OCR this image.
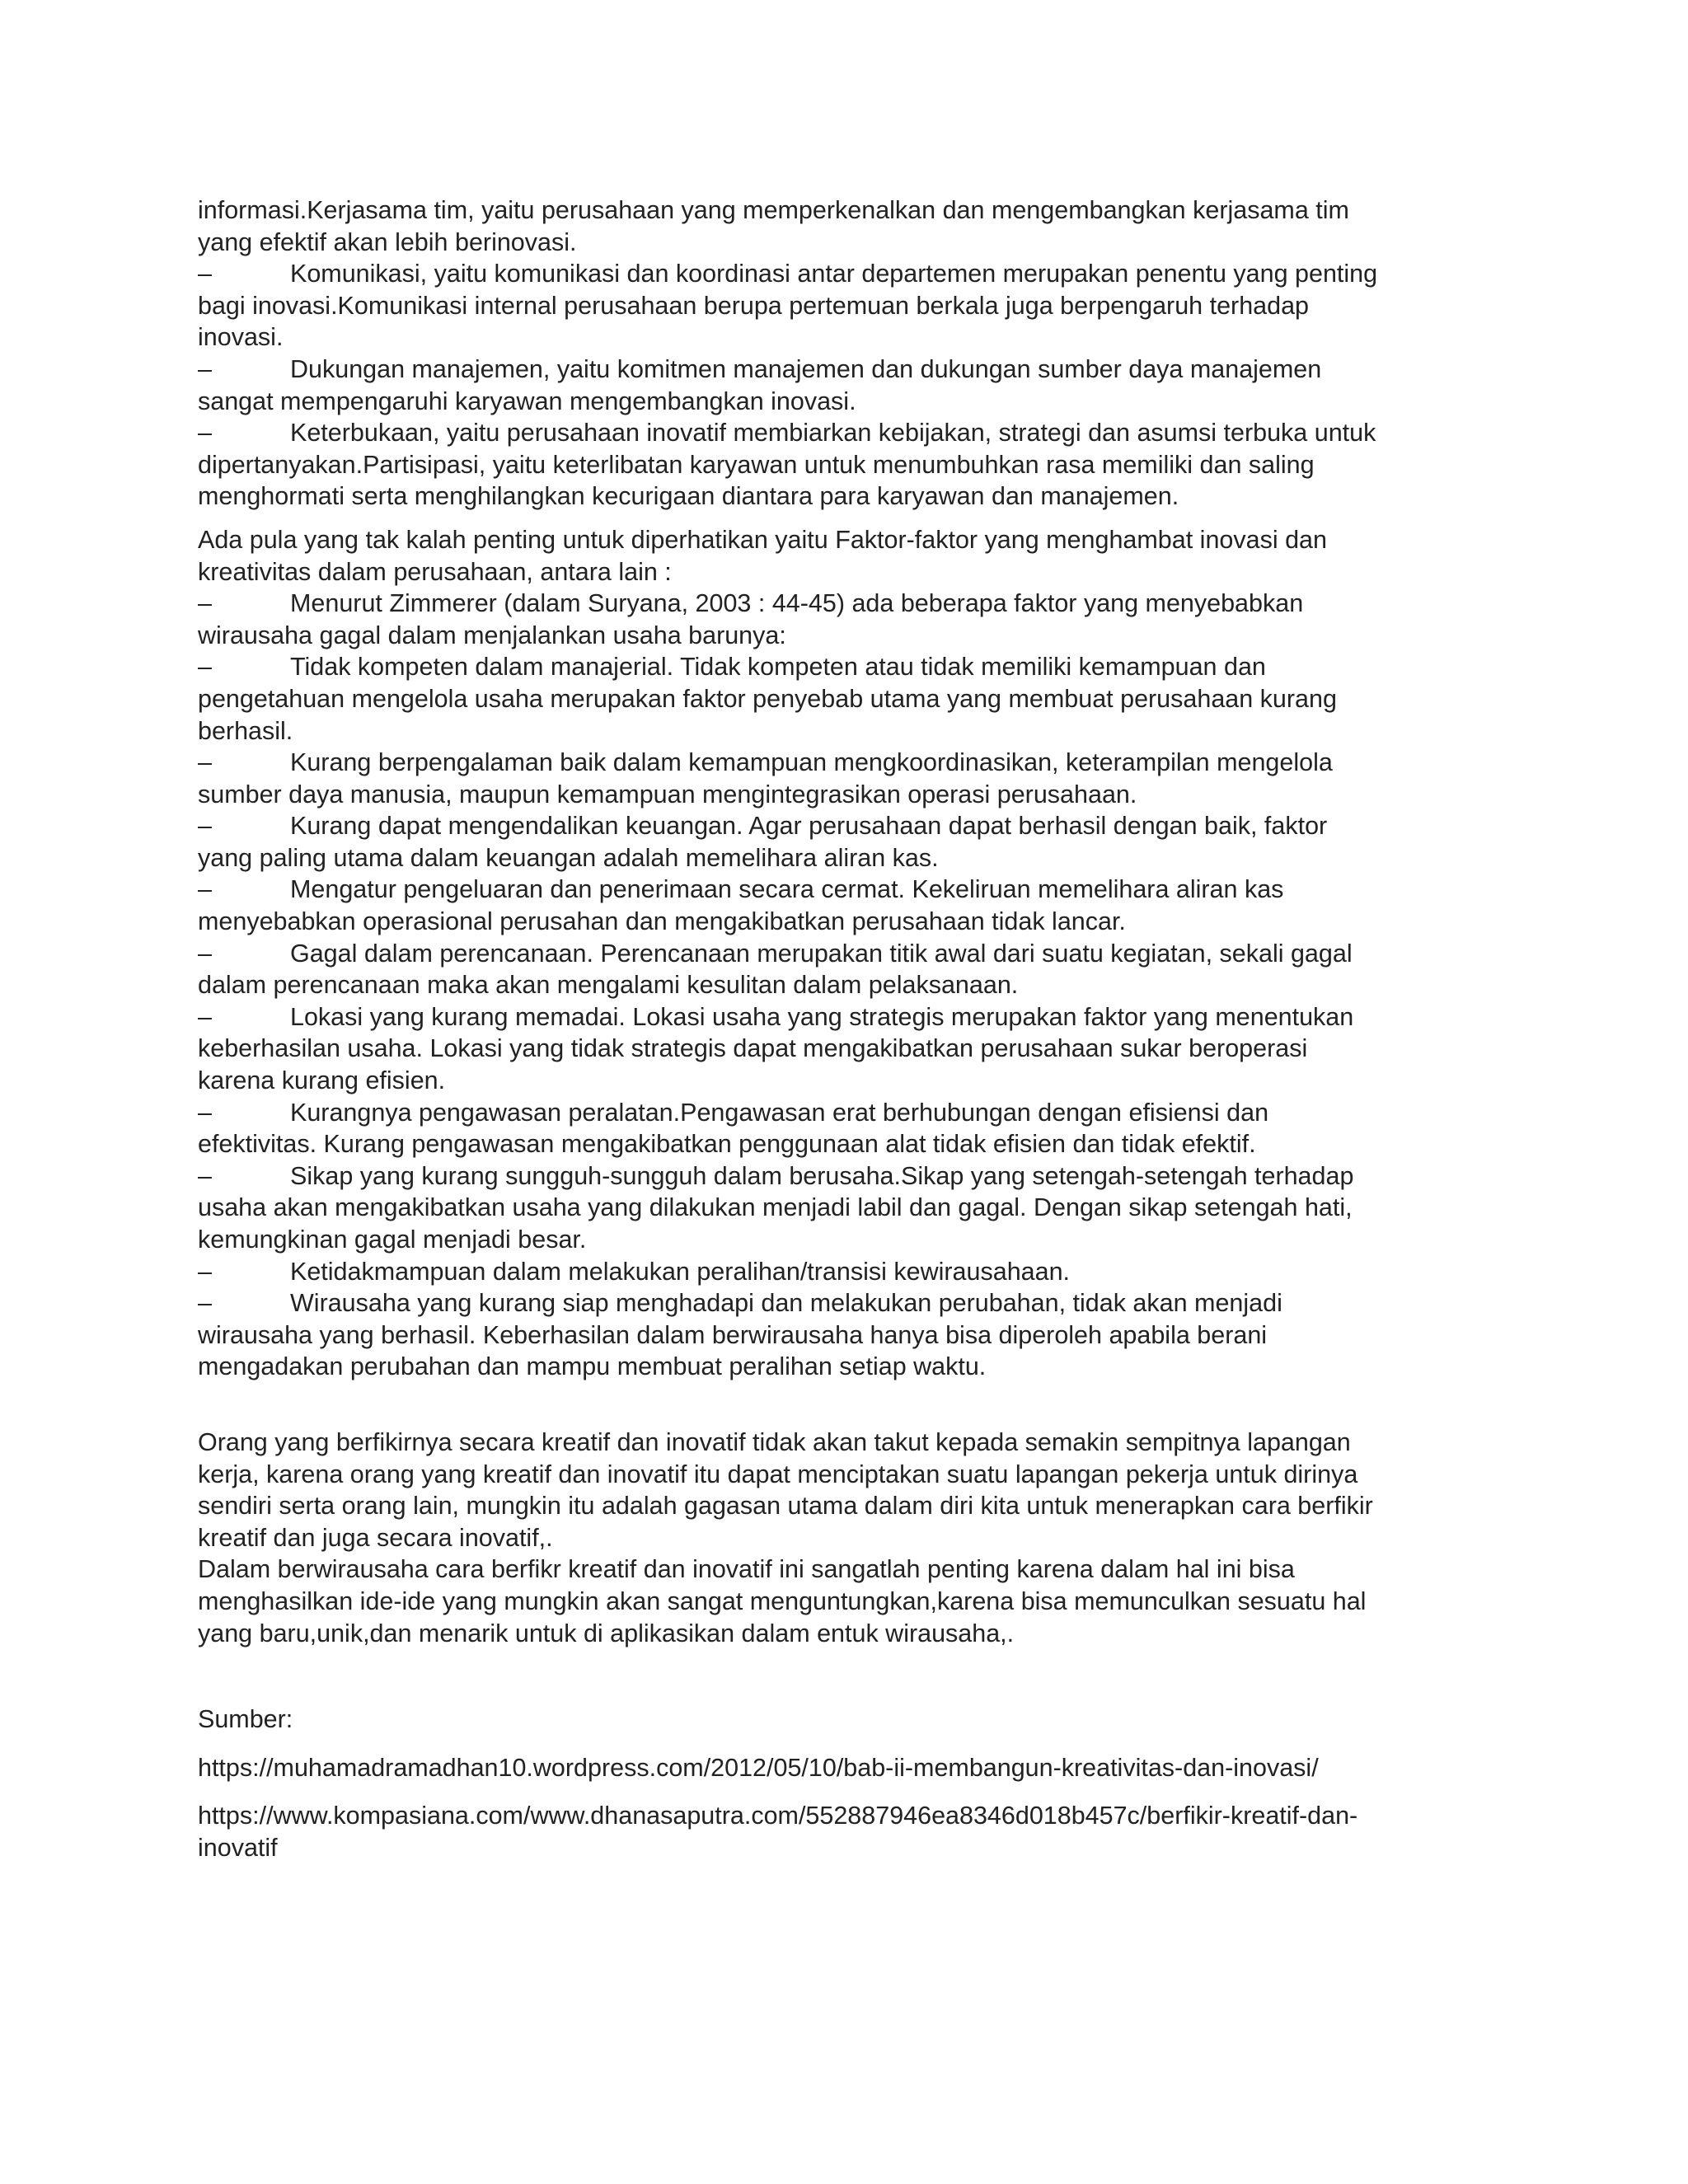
informasi.Kerjasama tim, yaitu perusahaan yang memperkenalkan dan mengembangkan kerjasama tim
yang efektif akan lebih berinovasi.
–	Komunikasi, yaitu komunikasi dan koordinasi antar departemen merupakan penentu yang penting
bagi inovasi.Komunikasi internal perusahaan berupa pertemuan berkala juga berpengaruh terhadap
inovasi.
–	Dukungan manajemen, yaitu komitmen manajemen dan dukungan sumber daya manajemen
sangat mempengaruhi karyawan mengembangkan inovasi.
–	Keterbukaan, yaitu perusahaan inovatif membiarkan kebijakan, strategi dan asumsi terbuka untuk
dipertanyakan.Partisipasi, yaitu keterlibatan karyawan untuk menumbuhkan rasa memiliki dan saling
menghormati serta menghilangkan kecurigaan diantara para karyawan dan manajemen.
Ada pula yang tak kalah penting untuk diperhatikan yaitu Faktor-faktor yang menghambat inovasi dan
kreativitas dalam perusahaan, antara lain :
–	Menurut Zimmerer (dalam Suryana, 2003 : 44-45) ada beberapa faktor yang menyebabkan
wirausaha gagal dalam menjalankan usaha barunya:
–	Tidak kompeten dalam manajerial. Tidak kompeten atau tidak memiliki kemampuan dan
pengetahuan mengelola usaha merupakan faktor penyebab utama yang membuat perusahaan kurang
berhasil.
–	Kurang berpengalaman baik dalam kemampuan mengkoordinasikan, keterampilan mengelola
sumber daya manusia, maupun kemampuan mengintegrasikan operasi perusahaan.
–	Kurang dapat mengendalikan keuangan. Agar perusahaan dapat berhasil dengan baik, faktor
yang paling utama dalam keuangan adalah memelihara aliran kas.
–	Mengatur pengeluaran dan penerimaan secara cermat. Kekeliruan memelihara aliran kas
menyebabkan operasional perusahan dan mengakibatkan perusahaan tidak lancar.
–	Gagal dalam perencanaan. Perencanaan merupakan titik awal dari suatu kegiatan, sekali gagal
dalam perencanaan maka akan mengalami kesulitan dalam pelaksanaan.
–	Lokasi yang kurang memadai. Lokasi usaha yang strategis merupakan faktor yang menentukan
keberhasilan usaha. Lokasi yang tidak strategis dapat mengakibatkan perusahaan sukar beroperasi
karena kurang efisien.
–	Kurangnya pengawasan peralatan.Pengawasan erat berhubungan dengan efisiensi dan
efektivitas. Kurang pengawasan mengakibatkan penggunaan alat tidak efisien dan tidak efektif.
–	Sikap yang kurang sungguh-sungguh dalam berusaha.Sikap yang setengah-setengah terhadap
usaha akan mengakibatkan usaha yang dilakukan menjadi labil dan gagal. Dengan sikap setengah hati,
kemungkinan gagal menjadi besar.
–	Ketidakmampuan dalam melakukan peralihan/transisi kewirausahaan.
–	Wirausaha yang kurang siap menghadapi dan melakukan perubahan, tidak akan menjadi
wirausaha yang berhasil. Keberhasilan dalam berwirausaha hanya bisa diperoleh apabila berani
mengadakan perubahan dan mampu membuat peralihan setiap waktu.
Orang yang berfikirnya secara kreatif dan inovatif tidak akan takut kepada semakin sempitnya lapangan
kerja, karena orang yang kreatif dan inovatif itu dapat menciptakan suatu lapangan pekerja untuk dirinya
sendiri serta orang lain, mungkin itu adalah gagasan utama dalam diri kita untuk menerapkan cara berfikir
kreatif dan juga secara inovatif,.
Dalam berwirausaha cara berfikr kreatif dan inovatif ini sangatlah penting karena dalam hal ini bisa
menghasilkan ide-ide yang mungkin akan sangat menguntungkan,karena bisa memunculkan sesuatu hal
yang baru,unik,dan menarik untuk di aplikasikan dalam entuk wirausaha,.
Sumber:
https://muhamadramadhan10.wordpress.com/2012/05/10/bab-ii-membangun-kreativitas-dan-inovasi/
https://www.kompasiana.com/www.dhanasaputra.com/552887946ea8346d018b457c/berfikir-kreatif-dan-
inovatif
